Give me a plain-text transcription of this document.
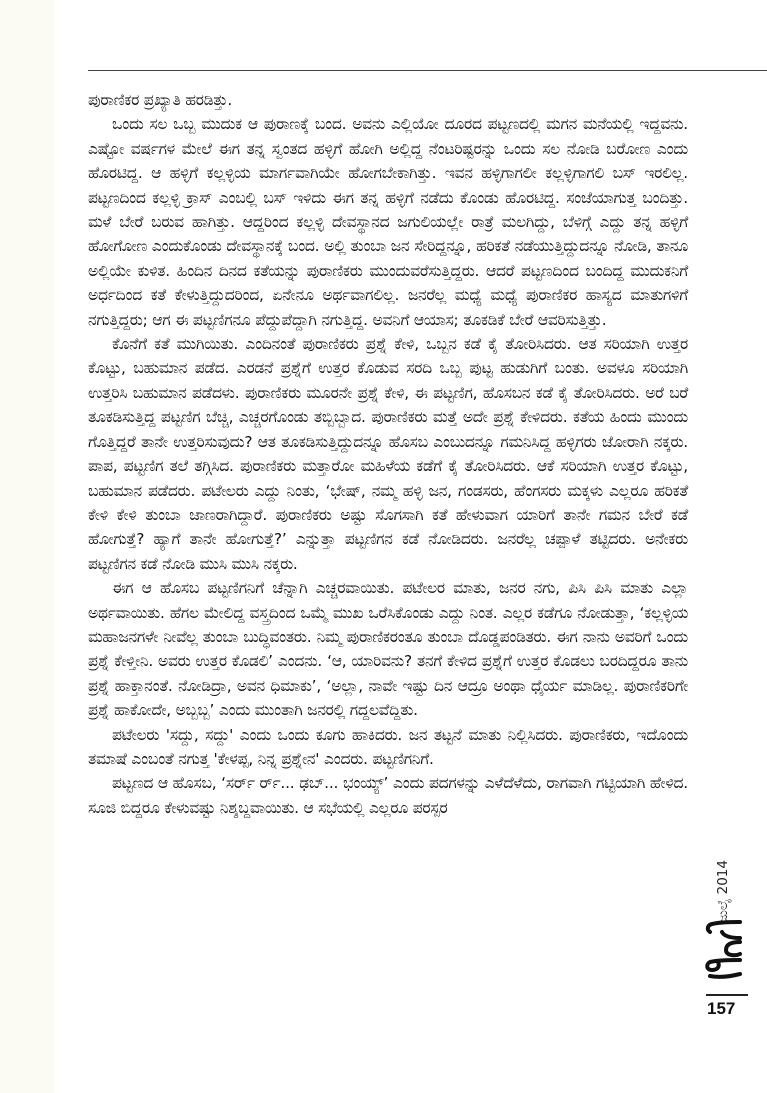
ಪುರಾಣಿಕರ ಪ್ರಖ್ಯಾತಿ ಹರಡಿತ್ತು.

ಒಂದು ಸಲ ಒಬ್ಬ ಮುದುಕ ಆ ಪುರಾಣಕ್ಕೆ ಬಂದ. ಅವನು ಎಲ್ಲಿಯೋ ದೂರದ ಪಟ್ಟಣದಲ್ಲಿ ಮಗನ ಮನೆಯಲ್ಲಿ ಇದ್ದವನು. ಎಷ್ಟೋ ವರ್ಷಗಳ ಮೇಲೆ ಈಗ ತನ್ನ ಸ್ವಂತದ ಹಳ್ಳಿಗೆ ಹೋಗಿ ಅಲ್ಲಿದ್ದ ನೆಂಟರಿಷ್ಟರನ್ನು ಒಂದು ಸಲ ನೋಡಿ ಬರೋಣ ಎಂದು ಹೊರಟಿದ್ದ. ಆ ಹಳ್ಳಿಗೆ ಕಲ್ಲಳ್ಳಿಯ ಮಾರ್ಗವಾಗಿಯೇ ಹೋಗಬೇಕಾಗಿತ್ತು. ಇವನ ಹಳ್ಳಿಗಾಗಲೀ ಕಲ್ಲಳ್ಳಿಗಾಗಲಿ ಬಸ್ ಇರಲಿಲ್ಲ. ಪಟ್ಟಣದಿಂದ ಕಲ್ಲಳ್ಳಿ ಕ್ರಾಸ್ ಎಂಬಲ್ಲಿ ಬಸ್ ಇಳಿದು ಈಗ ತನ್ನ ಹಳ್ಳಿಗೆ ನಡೆದು ಕೊಂಡು ಹೊರಟಿದ್ದ. ಸಂಜೆಯಾಗುತ್ತ ಬಂದಿತ್ತು. ಮಳೆ ಬೇರೆ ಬರುವ ಹಾಗಿತ್ತು. ಆದ್ದರಿಂದ ಕಲ್ಲಳ್ಳಿ ದೇವಸ್ಥಾನದ ಜಗುಲಿಯಲ್ಲೇ ರಾತ್ರೆ ಮಲಗಿದ್ದು, ಬೆಳಿಗ್ಗೆ ಎದ್ದು ತನ್ನ ಹಳ್ಳಿಗೆ ಹೋಗೋಣ ಎಂದುಕೊಂಡು ದೇವಸ್ಥಾನಕ್ಕೆ ಬಂದ. ಅಲ್ಲಿ ತುಂಬಾ ಜನ ಸೇರಿದ್ದನ್ನೂ, ಹರಿಕತೆ ನಡೆಯುತ್ತಿದ್ದುದನ್ನೂ ನೋಡಿ, ತಾನೂ ಅಲ್ಲಿಯೇ ಕುಳಿತ. ಹಿಂದಿನ ದಿನದ ಕತೆಯನ್ನು ಪುರಾಣಿಕರು ಮುಂದುವರೆಸುತ್ತಿದ್ದರು. ಆದರೆ ಪಟ್ಟಣದಿಂದ ಬಂದಿದ್ದ ಮುದುಕನಿಗೆ ಅರ್ಧದಿಂದ ಕತೆ ಕೇಳುತ್ತಿದ್ದುದರಿಂದ, ಏನೇನೂ ಅರ್ಥವಾಗಲಿಲ್ಲ. ಜನರೆಲ್ಲ ಮಧ್ಯೆ ಮಧ್ಯೆ ಪುರಾಣಿಕರ ಹಾಸ್ಯದ ಮಾತುಗಳಿಗೆ ನಗುತ್ತಿದ್ದರು; ಆಗ ಈ ಪಟ್ಟಣಿಗನೂ ಪೆದ್ದುಪೆದ್ದಾಗಿ ನಗುತ್ತಿದ್ದ. ಅವನಿಗೆ ಆಯಾಸ; ತೂಕಡಿಕೆ ಬೇರೆ ಆವರಿಸುತ್ತಿತ್ತು.

ಕೊನೆಗೆ ಕತೆ ಮುಗಿಯಿತು. ಎಂದಿನಂತೆ ಪುರಾಣಿಕರು ಪ್ರಶ್ನೆ ಕೇಳಿ, ಒಬ್ಬನ ಕಡೆ ಕೈ ತೋರಿಸಿದರು. ಆತ ಸರಿಯಾಗಿ ಉತ್ತರ ಕೊಟ್ಟು, ಬಹುಮಾನ ಪಡೆದ. ಎರಡನೆ ಪ್ರಶ್ನೆಗೆ ಉತ್ತರ ಕೊಡುವ ಸರದಿ ಒಬ್ಬ ಪುಟ್ಟ ಹುಡುಗಿಗೆ ಬಂತು. ಅವಳೂ ಸರಿಯಾಗಿ ಉತ್ತರಿಸಿ ಬಹುಮಾನ ಪಡೆದಳು. ಪುರಾಣಿಕರು ಮೂರನೇ ಪ್ರಶ್ನೆ ಕೇಳಿ, ಈ ಪಟ್ಟಣಿಗ, ಹೊಸಬನ ಕಡೆ ಕೈ ತೋರಿಸಿದರು. ಅರೆ ಬರೆ ತೂಕಡಿಸುತ್ತಿದ್ದ ಪಟ್ಟಣಿಗ ಬೆಚ್ಚಿ, ಎಚ್ಚರಗೊಂಡು ತಬ್ಬಿಬ್ಬಾದ. ಪುರಾಣಿಕರು ಮತ್ತೆ ಅದೇ ಪ್ರಶ್ನೆ ಕೇಳಿದರು. ಕತೆಯ ಹಿಂದು ಮುಂದು ಗೊತ್ತಿದ್ದರೆ ತಾನೇ ಉತ್ತರಿಸುವುದು? ಆತ ತೂಕಡಿಸುತ್ತಿದ್ದುದನ್ನೂ ಹೊಸಬ ಎಂಬುದನ್ನೂ ಗಮನಿಸಿದ್ದ ಹಳ್ಳಿಗರು ಜೋರಾಗಿ ನಕ್ಕರು. ಪಾಪ, ಪಟ್ಟಣಿಗ ತಲೆ ತಗ್ಗಿಸಿದ. ಪುರಾಣಿಕರು ಮತ್ತಾರೋ ಮಹಿಳೆಯ ಕಡೆಗೆ ಕೈ ತೋರಿಸಿದರು. ಆಕೆ ಸರಿಯಾಗಿ ಉತ್ತರ ಕೊಟ್ಟು, ಬಹುಮಾನ ಪಡೆದರು. ಪಟೇಲರು ಎದ್ದು ನಿಂತು, ‘ಭೇಷ್, ನಮ್ಮ ಹಳ್ಳಿ ಜನ, ಗಂಡಸರು, ಹೆಂಗಸರು ಮಕ್ಕಳು ಎಲ್ಲರೂ ಹರಿಕತೆ ಕೇಳಿ ಕೇಳಿ ತುಂಬಾ ಜಾಣರಾಗಿದ್ದಾರೆ. ಪುರಾಣಿಕರು ಅಷ್ಟು ಸೊಗಸಾಗಿ ಕತೆ ಹೇಳುವಾಗ ಯಾರಿಗೆ ತಾನೇ ಗಮನ ಬೇರೆ ಕಡೆ ಹೋಗುತ್ತೆ? ಹ್ಯಾಗೆ ತಾನೇ ಹೋಗುತ್ತೆ?’ ಎನ್ನುತ್ತಾ ಪಟ್ಟಣಿಗನ ಕಡೆ ನೋಡಿದರು. ಜನರೆಲ್ಲ ಚಪ್ಪಾಳೆ ತಟ್ಟಿದರು. ಅನೇಕರು ಪಟ್ಟಣಿಗನ ಕಡೆ ನೋಡಿ ಮುಸಿ ಮುಸಿ ನಕ್ಕರು.

ಈಗ ಆ ಹೊಸಬ ಪಟ್ಟಣಿಗನಿಗೆ ಚೆನ್ನಾಗಿ ಎಚ್ಚರವಾಯಿತು. ಪಟೇಲರ ಮಾತು, ಜನರ ನಗು, ಪಿಸಿ ಪಿಸಿ ಮಾತು ಎಲ್ಲಾ ಅರ್ಥವಾಯಿತು. ಹೆಗಲ ಮೇಲಿದ್ದ ವಸ್ತ್ರದಿಂದ ಒಮ್ಮೆ ಮುಖ ಒರೆಸಿಕೊಂಡು ಎದ್ದು ನಿಂತ. ಎಲ್ಲರ ಕಡೆಗೂ ನೋಡುತ್ತಾ, ‘ಕಲ್ಲಳ್ಳಿಯ ಮಹಾಜನಗಳೇ ನೀವೆಲ್ಲ ತುಂಬಾ ಬುದ್ಧಿವಂತರು. ನಿಮ್ಮ ಪುರಾಣಿಕರಂತೂ ತುಂಬಾ ದೊಡ್ಡಪಂಡಿತರು. ಈಗ ನಾನು ಅವರಿಗೆ ಒಂದು ಪ್ರಶ್ನೆ ಕೇಳ್ತೀನಿ. ಅವರು ಉತ್ತರ ಕೊಡಲಿ’ ಎಂದನು. ‘ಆ, ಯಾರಿವನು? ತನಗೆ ಕೇಳಿದ ಪ್ರಶ್ನೆಗೆ ಉತ್ತರ ಕೊಡಲು ಬರದಿದ್ದರೂ ತಾನು ಪ್ರಶ್ನೆ ಹಾಕ್ತಾನಂತೆ. ನೋಡಿದ್ರಾ, ಅವನ ಧಿಮಾಕು’, ‘ಅಲ್ಲಾ, ನಾವೇ ಇಷ್ಟು ದಿನ ಆದ್ರೂ ಅಂಥಾ ಧೈರ್ಯ ಮಾಡಿಲ್ಲ. ಪುರಾಣಿಕರಿಗೇ ಪ್ರಶ್ನೆ ಹಾಕೋದೇ, ಅಬ್ಬಬ್ಬ’ ಎಂದು ಮುಂತಾಗಿ ಜನರಲ್ಲಿ ಗದ್ದಲವೆದ್ದಿತು.

ಪಟೇಲರು 'ಸದ್ದು, ಸದ್ದು' ಎಂದು ಒಂದು ಕೂಗು ಹಾಕಿದರು. ಜನ ತಟ್ಟನೆ ಮಾತು ನಿಲ್ಲಿಸಿದರು. ಪುರಾಣಿಕರು, ಇದೊಂದು ತಮಾಷೆ ಎಂಬಂತೆ ನಗುತ್ತ 'ಕೇಳಪ್ಪ, ನಿನ್ನ ಪ್ರಶ್ನೇನ' ಎಂದರು. ಪಟ್ಟಣಿಗನಿಗೆ.

ಪಟ್ಟಣದ ಆ ಹೊಸಬ, ‘ಸರ್ರ್ ರ್ರ್... ಢಬ್... ಭಂಯ್ಯ್’ ಎಂದು ಪದಗಳನ್ನು ಎಳೆದೆಳೆದು, ರಾಗವಾಗಿ ಗಟ್ಟಿಯಾಗಿ ಹೇಳಿದ. ಸೂಜಿ ಬಿದ್ದರೂ ಕೇಳುವಷ್ಟು ನಿಶ್ಶಬ್ದವಾಯಿತು. ಆ ಸಭೆಯಲ್ಲಿ ಎಲ್ಲರೂ ಪರಸ್ಪರ

ಜುಲೈ 2014
157
